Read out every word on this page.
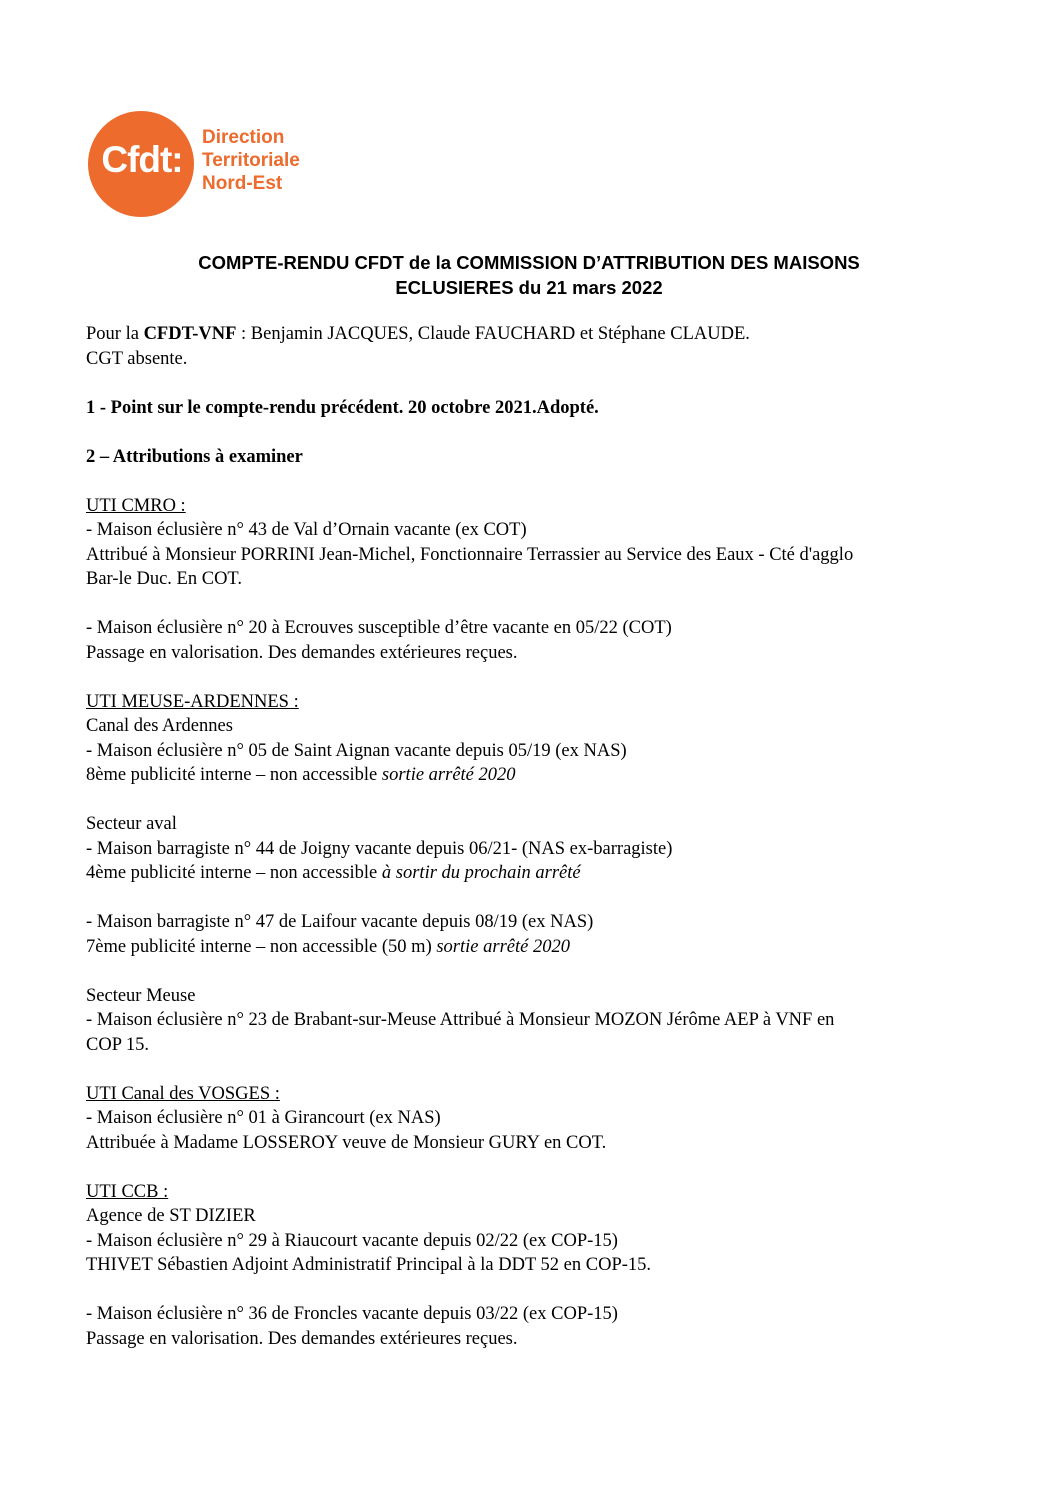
Cfdt:
Direction
Territoriale
Nord-Est
COMPTE-RENDU CFDT de la COMMISSION D’ATTRIBUTION DES MAISONS
ECLUSIERES du 21 mars 2022

Pour la CFDT-VNF : Benjamin JACQUES, Claude FAUCHARD et Stéphane CLAUDE.

CGT absente.

1 - Point sur le compte-rendu précédent. 20 octobre 2021.Adopté.

2 – Attributions à examiner

UTI CMRO :

- Maison éclusière n° 43 de Val d’Ornain vacante (ex COT)

Attribué à Monsieur PORRINI Jean-Michel, Fonctionnaire Terrassier au Service des Eaux - Cté d'agglo

Bar-le Duc. En COT.

- Maison éclusière n° 20 à Ecrouves susceptible d’être vacante en 05/22 (COT)

Passage en valorisation. Des demandes extérieures reçues.

UTI MEUSE-ARDENNES :

Canal des Ardennes

- Maison éclusière n° 05 de Saint Aignan vacante depuis 05/19 (ex NAS)

8ème publicité interne – non accessible sortie arrêté 2020

Secteur aval

- Maison barragiste n° 44 de Joigny vacante depuis 06/21- (NAS ex-barragiste)

4ème publicité interne – non accessible à sortir du prochain arrêté

- Maison barragiste n° 47 de Laifour vacante depuis 08/19 (ex NAS)

7ème publicité interne – non accessible (50 m) sortie arrêté 2020

Secteur Meuse

- Maison éclusière n° 23 de Brabant-sur-Meuse Attribué à Monsieur MOZON Jérôme AEP à VNF en

COP 15.

UTI Canal des VOSGES :

- Maison éclusière n° 01 à Girancourt (ex NAS)

Attribuée à Madame LOSSEROY veuve de Monsieur GURY en COT.

UTI CCB :

Agence de ST DIZIER

- Maison éclusière n° 29 à Riaucourt vacante depuis 02/22 (ex COP-15)

THIVET Sébastien Adjoint Administratif Principal à la DDT 52 en COP-15.

- Maison éclusière n° 36 de Froncles vacante depuis 03/22 (ex COP-15)

Passage en valorisation. Des demandes extérieures reçues.
